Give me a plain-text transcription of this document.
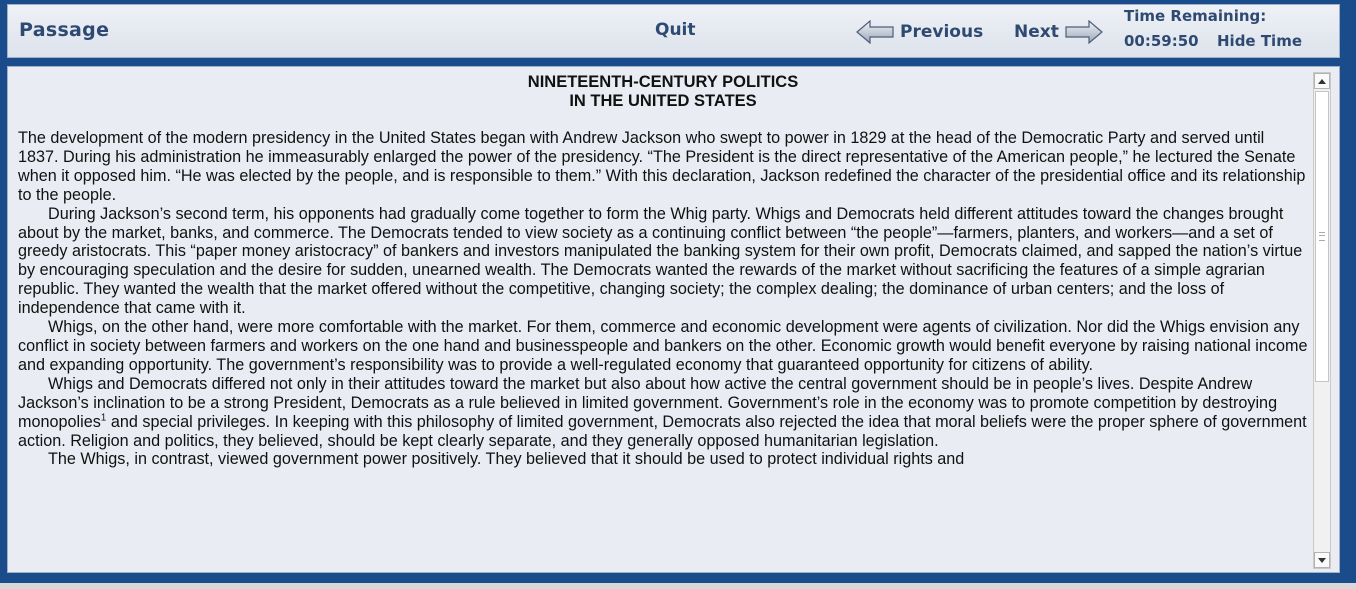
Passage	Quit	Previous Next
Time Remaining:
00:59:50 Hide Time
NINETEENTH-CENTURY POLITICS
IN THE UNITED STATES

The development of the modern presidency in the United States began with Andrew Jackson who swept to power in 1829 at the head of the Democratic Party and served until 1837. During his administration he immeasurably enlarged the power of the presidency. “The President is the direct representative of the American people,” he lectured the Senate when it opposed him. “He was elected by the people, and is responsible to them.” With this declaration, Jackson redefined the character of the presidential office and its relationship to the people.

During Jackson’s second term, his opponents had gradually come together to form the Whig party. Whigs and Democrats held different attitudes toward the changes brought about by the market, banks, and commerce. The Democrats tended to view society as a continuing conflict between “the people”—farmers, planters, and workers—and a set of greedy aristocrats. This “paper money aristocracy” of bankers and investors manipulated the banking system for their own profit, Democrats claimed, and sapped the nation’s virtue by encouraging speculation and the desire for sudden, unearned wealth. The Democrats wanted the rewards of the market without sacrificing the features of a simple agrarian republic. They wanted the wealth that the market offered without the competitive, changing society; the complex dealing; the dominance of urban centers; and the loss of independence that came with it.

Whigs, on the other hand, were more comfortable with the market. For them, commerce and economic development were agents of civilization. Nor did the Whigs envision any conflict in society between farmers and workers on the one hand and businesspeople and bankers on the other. Economic growth would benefit everyone by raising national income and expanding opportunity. The government’s responsibility was to provide a well-regulated economy that guaranteed opportunity for citizens of ability.

Whigs and Democrats differed not only in their attitudes toward the market but also about how active the central government should be in people’s lives. Despite Andrew Jackson’s inclination to be a strong President, Democrats as a rule believed in limited government. Government’s role in the economy was to promote competition by destroying monopolies$^1$ and special privileges. In keeping with this philosophy of limited government, Democrats also rejected the idea that moral beliefs were the proper sphere of government action. Religion and politics, they believed, should be kept clearly separate, and they generally opposed humanitarian legislation.

The Whigs, in contrast, viewed government power positively. They believed that it should be used to protect individual rights and
